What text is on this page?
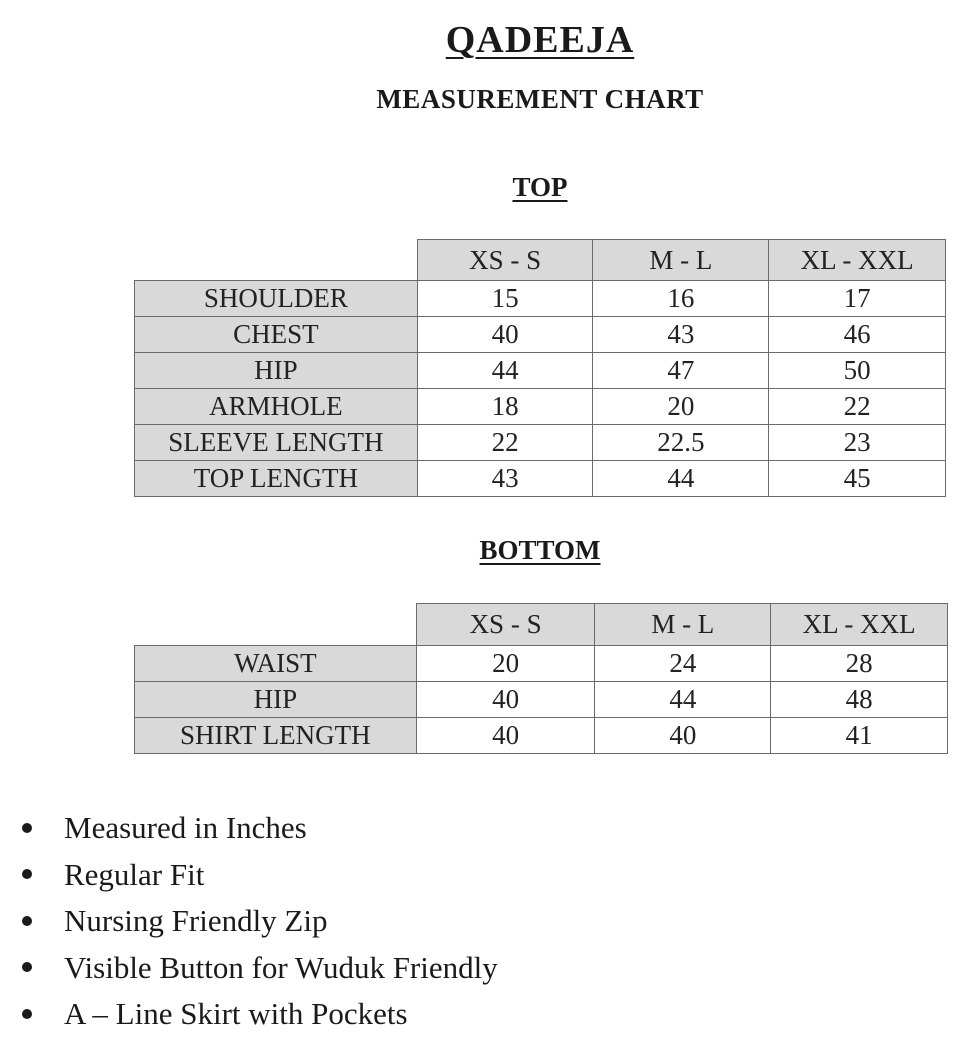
QADEEJA
MEASUREMENT CHART
TOP
	XS - S	M - L	XL - XXL
SHOULDER	15	16	17
CHEST	40	43	46
HIP	44	47	50
ARMHOLE	18	20	22
SLEEVE LENGTH	22	22.5	23
TOP LENGTH	43	44	45
BOTTOM
	XS - S	M - L	XL - XXL
WAIST	20	24	28
HIP	40	44	48
SHIRT LENGTH	40	40	41
Measured in Inches
Regular Fit
Nursing Friendly Zip
Visible Button for Wuduk Friendly
A – Line Skirt with Pockets
